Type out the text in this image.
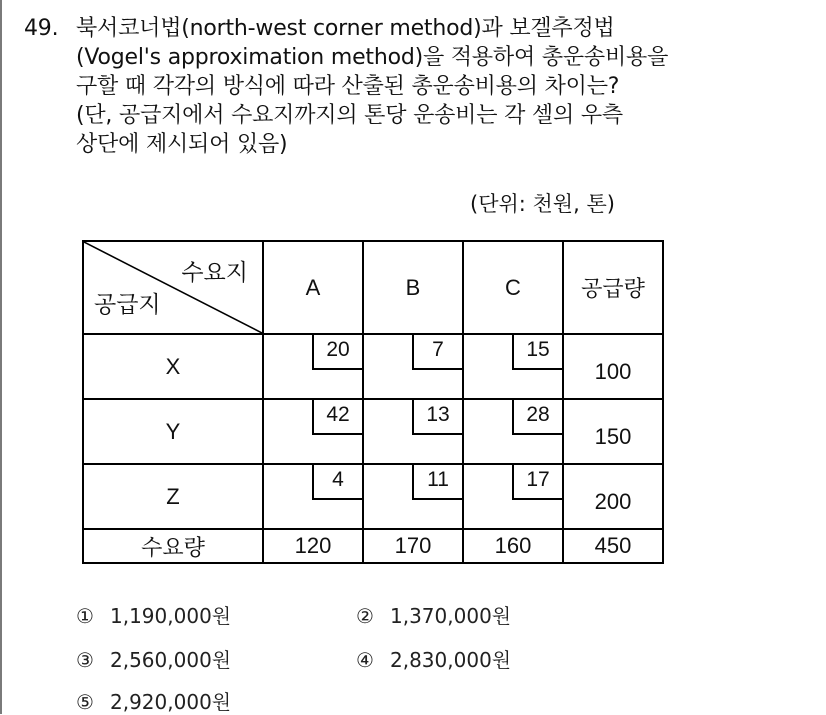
49. 북서코너법(north-west corner method)과 보겔추정법
(Vogel's approximation method)을 적용하여 총운송비용을
구할 때 각각의 방식에 따라 산출된 총운송비용의 차이는?
(단, 공급지에서 수요지까지의 톤당 운송비는 각 셀의 우측
상단에 제시되어 있음)
(단위: 천원, 톤)
수요지
공급지	A	B	C	공급량
X	20	7	15	100
Y	42	13	28	150
Z	4	11	17	200
수요량	120	170	160	450
① 1,190,000원	② 1,370,000원
③ 2,560,000원	④ 2,830,000원
⑤ 2,920,000원
